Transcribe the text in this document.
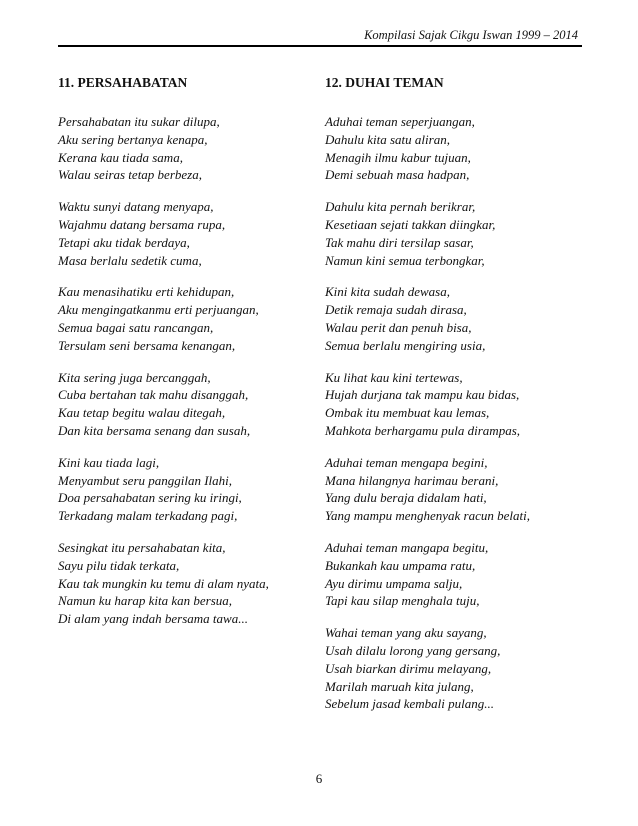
Kompilasi Sajak Cikgu Iswan 1999 – 2014
11. PERSAHABATAN
Persahabatan itu sukar dilupa,
Aku sering bertanya kenapa,
Kerana kau tiada sama,
Walau seiras tetap berbeza,
Waktu sunyi datang menyapa,
Wajahmu datang bersama rupa,
Tetapi aku tidak berdaya,
Masa berlalu sedetik cuma,
Kau menasihatiku erti kehidupan,
Aku mengingatkanmu erti perjuangan,
Semua bagai satu rancangan,
Tersulam seni bersama kenangan,
Kita sering juga bercanggah,
Cuba bertahan tak mahu disanggah,
Kau tetap begitu walau ditegah,
Dan kita bersama senang dan susah,
Kini kau tiada lagi,
Menyambut seru panggilan Ilahi,
Doa persahabatan sering ku iringi,
Terkadang malam terkadang pagi,
Sesingkat itu persahabatan kita,
Sayu pilu tidak terkata,
Kau tak mungkin ku temu di alam nyata,
Namun ku harap kita kan bersua,
Di alam yang indah bersama tawa...
12. DUHAI TEMAN
Aduhai teman seperjuangan,
Dahulu kita satu aliran,
Menagih ilmu kabur tujuan,
Demi sebuah masa hadpan,
Dahulu kita pernah berikrar,
Kesetiaan sejati takkan diingkar,
Tak mahu diri tersilap sasar,
Namun kini semua terbongkar,
Kini kita sudah dewasa,
Detik remaja sudah dirasa,
Walau perit dan penuh bisa,
Semua berlalu mengiring usia,
Ku lihat kau kini tertewas,
Hujah durjana tak mampu kau bidas,
Ombak itu membuat kau lemas,
Mahkota berhargamu pula dirampas,
Aduhai teman mengapa begini,
Mana hilangnya harimau berani,
Yang dulu beraja didalam hati,
Yang mampu menghenyak racun belati,
Aduhai teman mangapa begitu,
Bukankah kau umpama ratu,
Ayu dirimu umpama salju,
Tapi kau silap menghala tuju,
Wahai teman yang aku sayang,
Usah dilalu lorong yang gersang,
Usah biarkan dirimu melayang,
Marilah maruah kita julang,
Sebelum jasad kembali pulang...
6
